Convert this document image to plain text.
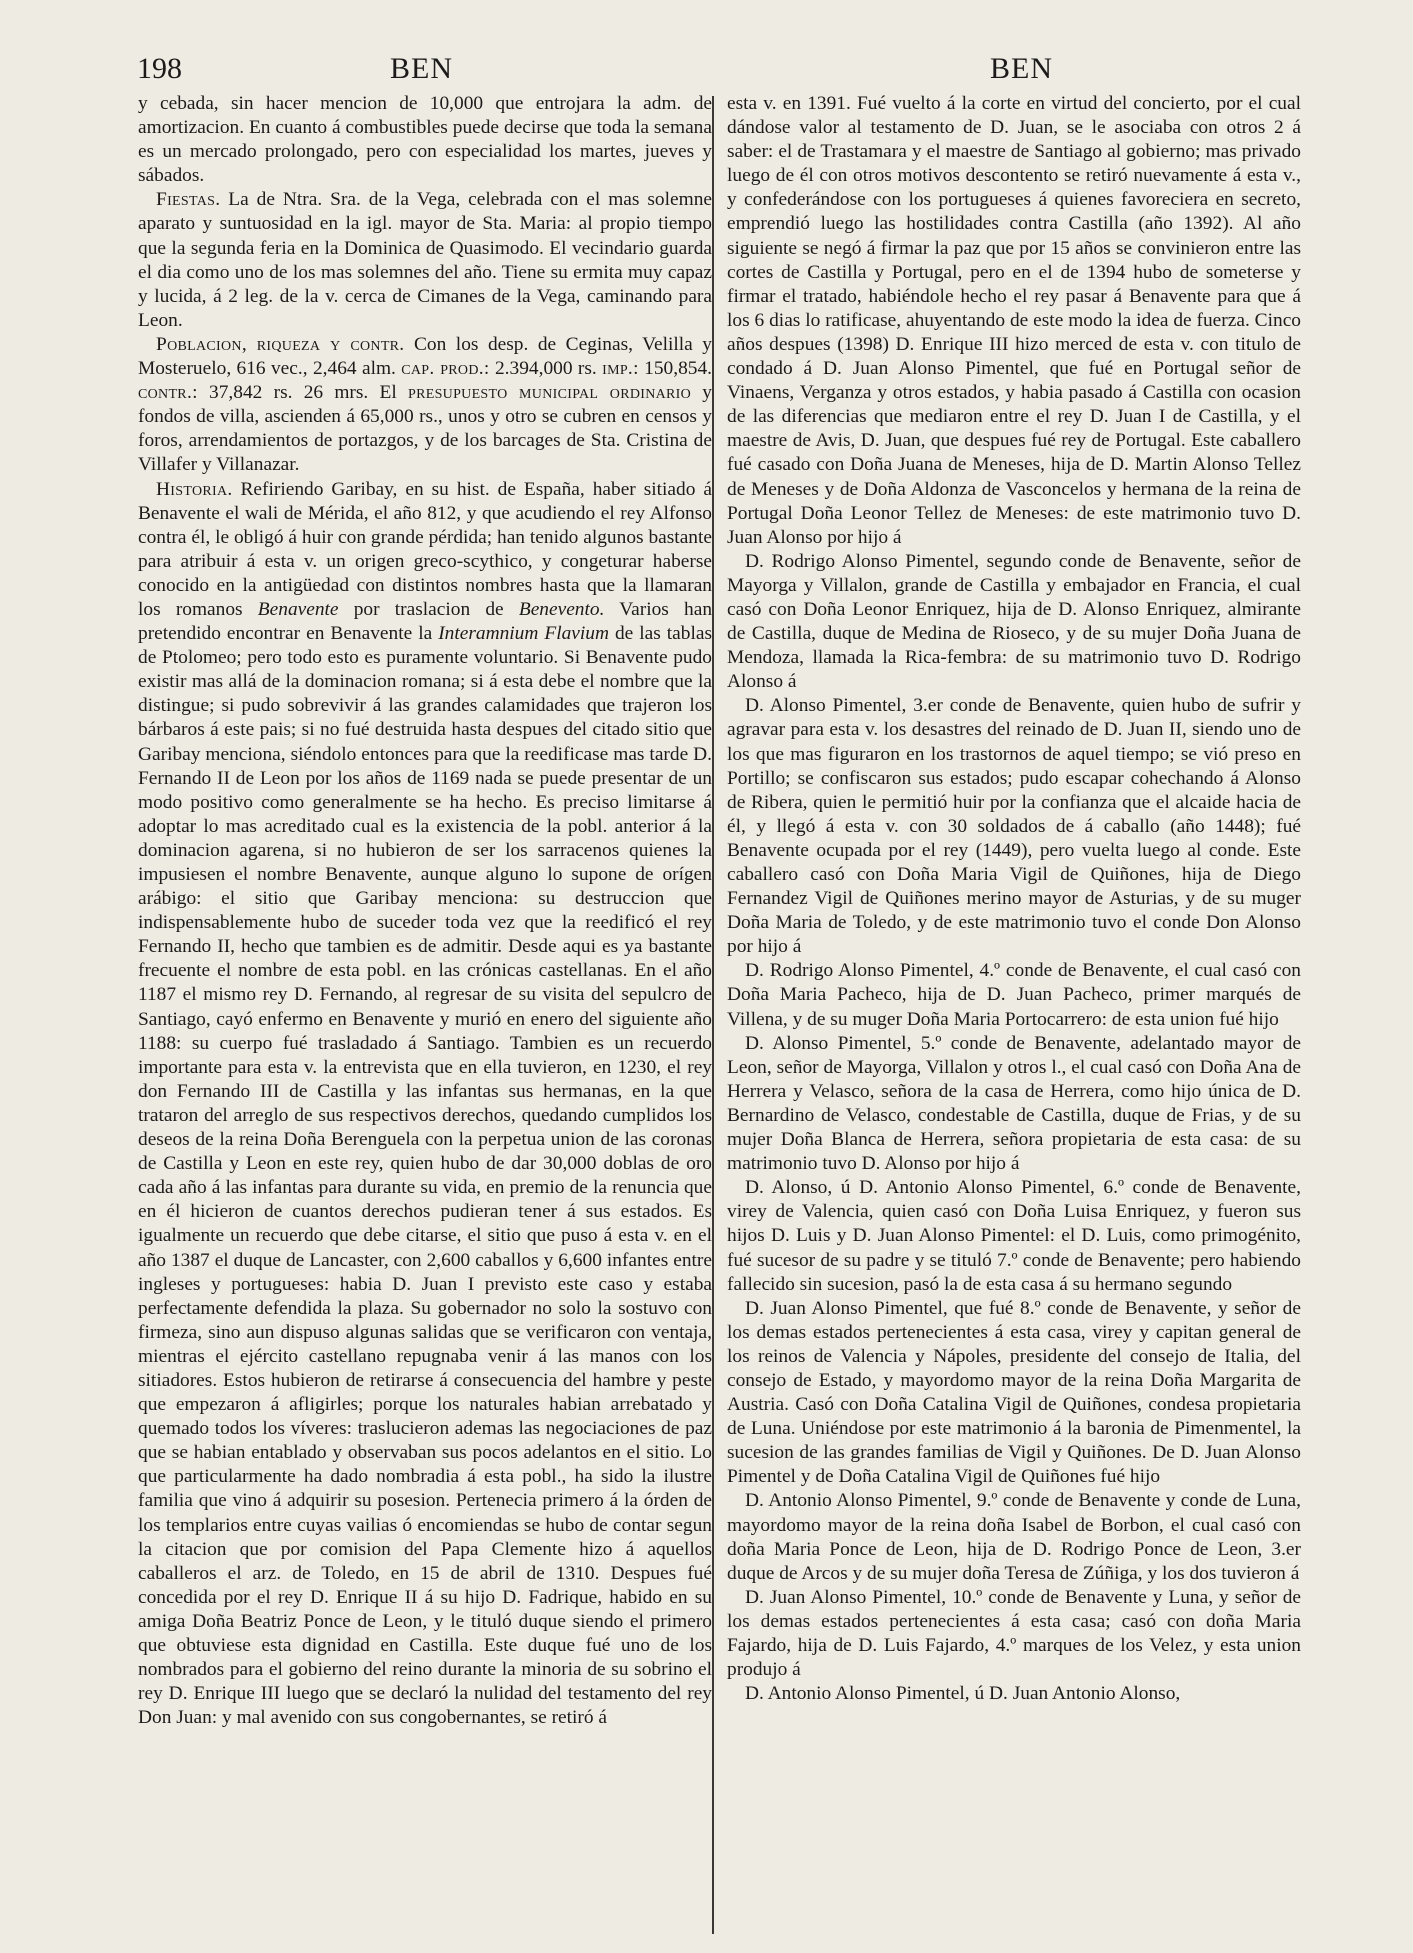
198	BEN	BEN

y cebada, sin hacer mencion de 10,000 que entrojara la adm. de amortizacion. En cuanto á combustibles puede decirse que toda la semana es un mercado prolongado, pero con especialidad los martes, jueves y sábados.

Fiestas. La de Ntra. Sra. de la Vega, celebrada con el mas solemne aparato y suntuosidad en la igl. mayor de Sta. Maria: al propio tiempo que la segunda feria en la Dominica de Quasimodo. El vecindario guarda el dia como uno de los mas solemnes del año. Tiene su ermita muy capaz y lucida, á 2 leg. de la v. cerca de Cimanes de la Vega, caminando para Leon.

Poblacion, riqueza y contr. Con los desp. de Ceginas, Velilla y Mosteruelo, 616 vec., 2,464 alm. cap. prod.: 2.394,000 rs. imp.: 150,854. contr.: 37,842 rs. 26 mrs. El presupuesto municipal ordinario y fondos de villa, ascienden á 65,000 rs., unos y otro se cubren en censos y foros, arrendamientos de portazgos, y de los barcages de Sta. Cristina de Villafer y Villanazar.

Historia. Refiriendo Garibay, en su hist. de España, haber sitiado á Benavente el wali de Mérida, el año 812, y que acudiendo el rey Alfonso contra él, le obligó á huir con grande pérdida; han tenido algunos bastante para atribuir á esta v. un origen greco-scythico, y congeturar haberse conocido en la antigüedad con distintos nombres hasta que la llamaran los romanos Benavente por traslacion de Benevento. Varios han pretendido encontrar en Benavente la Interamnium Flavium de las tablas de Ptolomeo; pero todo esto es puramente voluntario. Si Benavente pudo existir mas allá de la dominacion romana; si á esta debe el nombre que la distingue; si pudo sobrevivir á las grandes calamidades que trajeron los bárbaros á este pais; si no fué destruida hasta despues del citado sitio que Garibay menciona, siéndolo entonces para que la reedificase mas tarde D. Fernando II de Leon por los años de 1169 nada se puede presentar de un modo positivo como generalmente se ha hecho. Es preciso limitarse á adoptar lo mas acreditado cual es la existencia de la pobl. anterior á la dominacion agarena, si no hubieron de ser los sarracenos quienes la impusiesen el nombre Benavente, aunque alguno lo supone de orígen arábigo: el sitio que Garibay menciona: su destruccion que indispensablemente hubo de suceder toda vez que la reedificó el rey Fernando II, hecho que tambien es de admitir. Desde aqui es ya bastante frecuente el nombre de esta pobl. en las crónicas castellanas. En el año 1187 el mismo rey D. Fernando, al regresar de su visita del sepulcro de Santiago, cayó enfermo en Benavente y murió en enero del siguiente año 1188: su cuerpo fué trasladado á Santiago. Tambien es un recuerdo importante para esta v. la entrevista que en ella tuvieron, en 1230, el rey don Fernando III de Castilla y las infantas sus hermanas, en la que trataron del arreglo de sus respectivos derechos, quedando cumplidos los deseos de la reina Doña Berenguela con la perpetua union de las coronas de Castilla y Leon en este rey, quien hubo de dar 30,000 doblas de oro cada año á las infantas para durante su vida, en premio de la renuncia que en él hicieron de cuantos derechos pudieran tener á sus estados. Es igualmente un recuerdo que debe citarse, el sitio que puso á esta v. en el año 1387 el duque de Lancaster, con 2,600 caballos y 6,600 infantes entre ingleses y portugueses: habia D. Juan I previsto este caso y estaba perfectamente defendida la plaza. Su gobernador no solo la sostuvo con firmeza, sino aun dispuso algunas salidas que se verificaron con ventaja, mientras el ejército castellano repugnaba venir á las manos con los sitiadores. Estos hubieron de retirarse á consecuencia del hambre y peste que empezaron á afligirles; porque los naturales habian arrebatado y quemado todos los víveres: traslucieron ademas las negociaciones de paz que se habian entablado y observaban sus pocos adelantos en el sitio. Lo que particularmente ha dado nombradia á esta pobl., ha sido la ilustre familia que vino á adquirir su posesion. Pertenecia primero á la órden de los templarios entre cuyas vailias ó encomiendas se hubo de contar segun la citacion que por comision del Papa Clemente hizo á aquellos caballeros el arz. de Toledo, en 15 de abril de 1310. Despues fué concedida por el rey D. Enrique II á su hijo D. Fadrique, habido en su amiga Doña Beatriz Ponce de Leon, y le tituló duque siendo el primero que obtuviese esta dignidad en Castilla. Este duque fué uno de los nombrados para el gobierno del reino durante la minoria de su sobrino el rey D. Enrique III luego que se declaró la nulidad del testamento del rey Don Juan: y mal avenido con sus congobernantes, se retiró á

esta v. en 1391. Fué vuelto á la corte en virtud del concierto, por el cual dándose valor al testamento de D. Juan, se le asociaba con otros 2 á saber: el de Trastamara y el maestre de Santiago al gobierno; mas privado luego de él con otros motivos descontento se retiró nuevamente á esta v., y confederándose con los portugueses á quienes favoreciera en secreto, emprendió luego las hostilidades contra Castilla (año 1392). Al año siguiente se negó á firmar la paz que por 15 años se convinieron entre las cortes de Castilla y Portugal, pero en el de 1394 hubo de someterse y firmar el tratado, habiéndole hecho el rey pasar á Benavente para que á los 6 dias lo ratificase, ahuyentando de este modo la idea de fuerza. Cinco años despues (1398) D. Enrique III hizo merced de esta v. con titulo de condado á D. Juan Alonso Pimentel, que fué en Portugal señor de Vinaens, Verganza y otros estados, y habia pasado á Castilla con ocasion de las diferencias que mediaron entre el rey D. Juan I de Castilla, y el maestre de Avis, D. Juan, que despues fué rey de Portugal. Este caballero fué casado con Doña Juana de Meneses, hija de D. Martin Alonso Tellez de Meneses y de Doña Aldonza de Vasconcelos y hermana de la reina de Portugal Doña Leonor Tellez de Meneses: de este matrimonio tuvo D. Juan Alonso por hijo á

D. Rodrigo Alonso Pimentel, segundo conde de Benavente, señor de Mayorga y Villalon, grande de Castilla y embajador en Francia, el cual casó con Doña Leonor Enriquez, hija de D. Alonso Enriquez, almirante de Castilla, duque de Medina de Rioseco, y de su mujer Doña Juana de Mendoza, llamada la Rica-fembra: de su matrimonio tuvo D. Rodrigo Alonso á

D. Alonso Pimentel, 3.er conde de Benavente, quien hubo de sufrir y agravar para esta v. los desastres del reinado de D. Juan II, siendo uno de los que mas figuraron en los trastornos de aquel tiempo; se vió preso en Portillo; se confiscaron sus estados; pudo escapar cohechando á Alonso de Ribera, quien le permitió huir por la confianza que el alcaide hacia de él, y llegó á esta v. con 30 soldados de á caballo (año 1448); fué Benavente ocupada por el rey (1449), pero vuelta luego al conde. Este caballero casó con Doña Maria Vigil de Quiñones, hija de Diego Fernandez Vigil de Quiñones merino mayor de Asturias, y de su muger Doña Maria de Toledo, y de este matrimonio tuvo el conde Don Alonso por hijo á

D. Rodrigo Alonso Pimentel, 4.º conde de Benavente, el cual casó con Doña Maria Pacheco, hija de D. Juan Pacheco, primer marqués de Villena, y de su muger Doña Maria Portocarrero: de esta union fué hijo

D. Alonso Pimentel, 5.º conde de Benavente, adelantado mayor de Leon, señor de Mayorga, Villalon y otros l., el cual casó con Doña Ana de Herrera y Velasco, señora de la casa de Herrera, como hijo única de D. Bernardino de Velasco, condestable de Castilla, duque de Frias, y de su mujer Doña Blanca de Herrera, señora propietaria de esta casa: de su matrimonio tuvo D. Alonso por hijo á

D. Alonso, ú D. Antonio Alonso Pimentel, 6.º conde de Benavente, virey de Valencia, quien casó con Doña Luisa Enriquez, y fueron sus hijos D. Luis y D. Juan Alonso Pimentel: el D. Luis, como primogénito, fué sucesor de su padre y se tituló 7.º conde de Benavente; pero habiendo fallecido sin sucesion, pasó la de esta casa á su hermano segundo

D. Juan Alonso Pimentel, que fué 8.º conde de Benavente, y señor de los demas estados pertenecientes á esta casa, virey y capitan general de los reinos de Valencia y Nápoles, presidente del consejo de Italia, del consejo de Estado, y mayordomo mayor de la reina Doña Margarita de Austria. Casó con Doña Catalina Vigil de Quiñones, condesa propietaria de Luna. Uniéndose por este matrimonio á la baronia de Pimenmentel, la sucesion de las grandes familias de Vigil y Quiñones. De D. Juan Alonso Pimentel y de Doña Catalina Vigil de Quiñones fué hijo

D. Antonio Alonso Pimentel, 9.º conde de Benavente y conde de Luna, mayordomo mayor de la reina doña Isabel de Borbon, el cual casó con doña Maria Ponce de Leon, hija de D. Rodrigo Ponce de Leon, 3.er duque de Arcos y de su mujer doña Teresa de Zúñiga, y los dos tuvieron á

D. Juan Alonso Pimentel, 10.º conde de Benavente y Luna, y señor de los demas estados pertenecientes á esta casa; casó con doña Maria Fajardo, hija de D. Luis Fajardo, 4.º marques de los Velez, y esta union produjo á

D. Antonio Alonso Pimentel, ú D. Juan Antonio Alonso,
